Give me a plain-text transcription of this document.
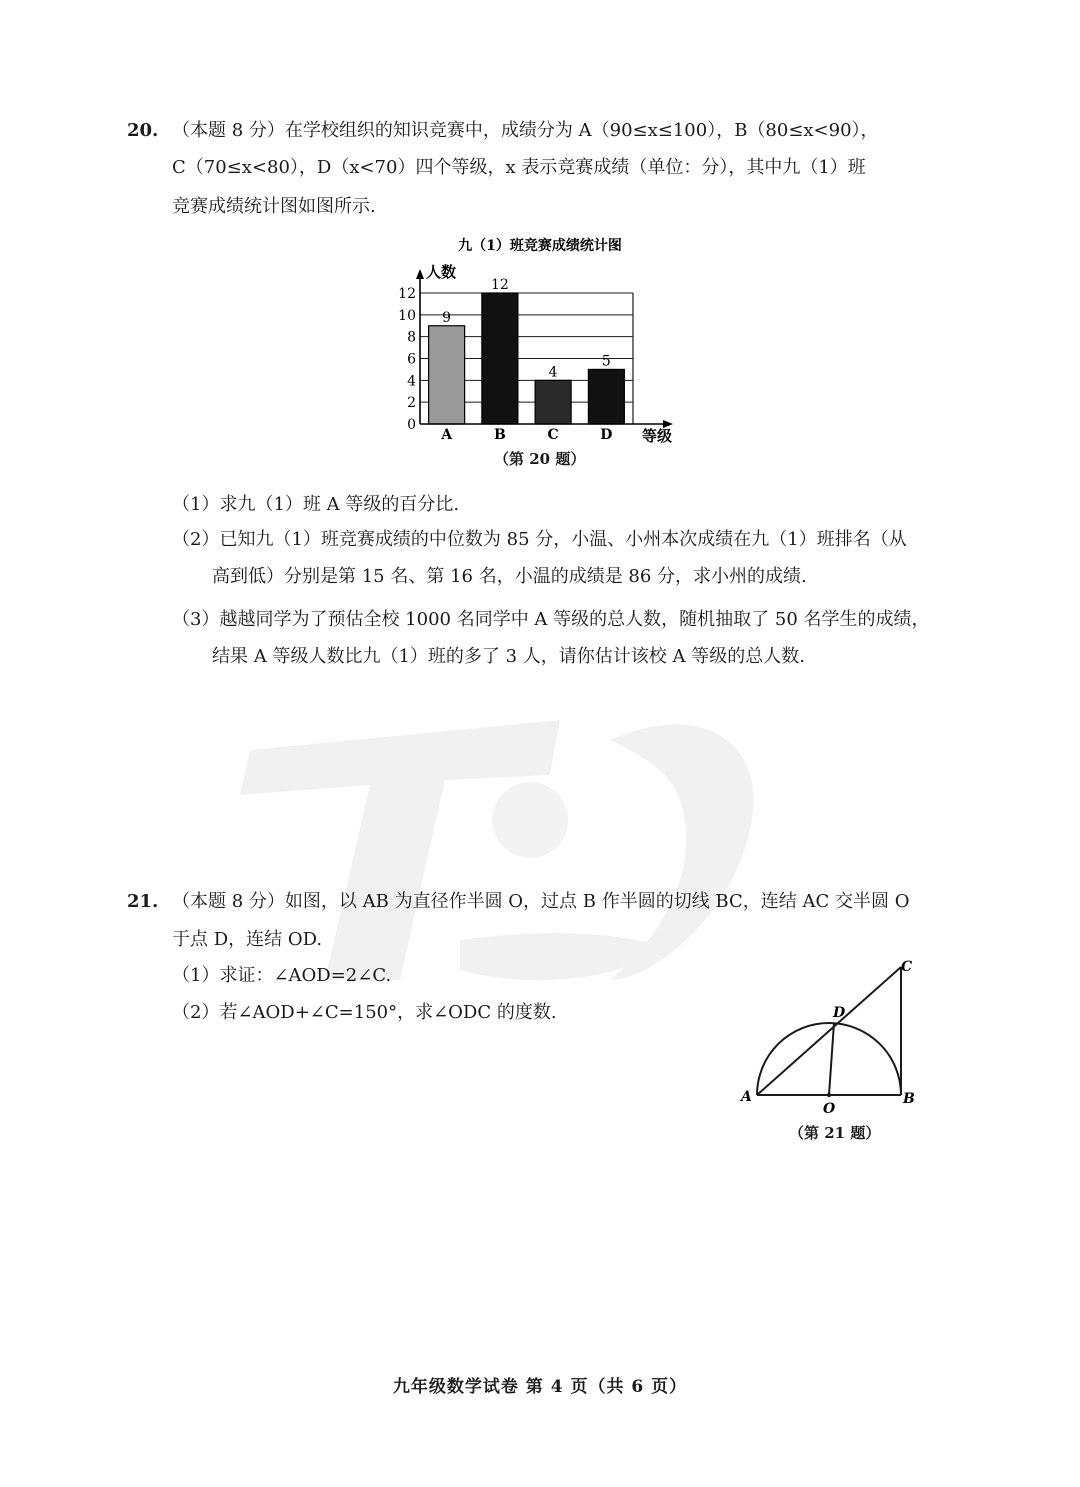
20. （本题 8 分）在学校组织的知识竞赛中，成绩分为 A（90≤x≤100），B（80≤x<90），
C（70≤x<80），D（x<70）四个等级，x 表示竞赛成绩（单位：分），其中九（1）班
竞赛成绩统计图如图所示.
九（1）班竞赛成绩统计图
人数
等级
9
12
4
5
0
2
4
6
8
10
12
A	B	C	D
（第 20 题）
（1）求九（1）班 A 等级的百分比.
（2）已知九（1）班竞赛成绩的中位数为 85 分，小温、小州本次成绩在九（1）班排名（从
高到低）分别是第 15 名、第 16 名，小温的成绩是 86 分，求小州的成绩.
（3）越越同学为了预估全校 1000 名同学中 A 等级的总人数，随机抽取了 50 名学生的成绩，
结果 A 等级人数比九（1）班的多了 3 人，请你估计该校 A 等级的总人数.
21. （本题 8 分）如图，以 AB 为直径作半圆 O，过点 B 作半圆的切线 BC，连结 AC 交半圆 O
于点 D，连结 OD.
（1）求证：∠AOD=2∠C.
（2）若∠AOD+∠C=150°，求∠ODC 的度数.
A	B
C
D
O
（第 21 题）
九年级数学试卷 第 4 页（共 6 页）
